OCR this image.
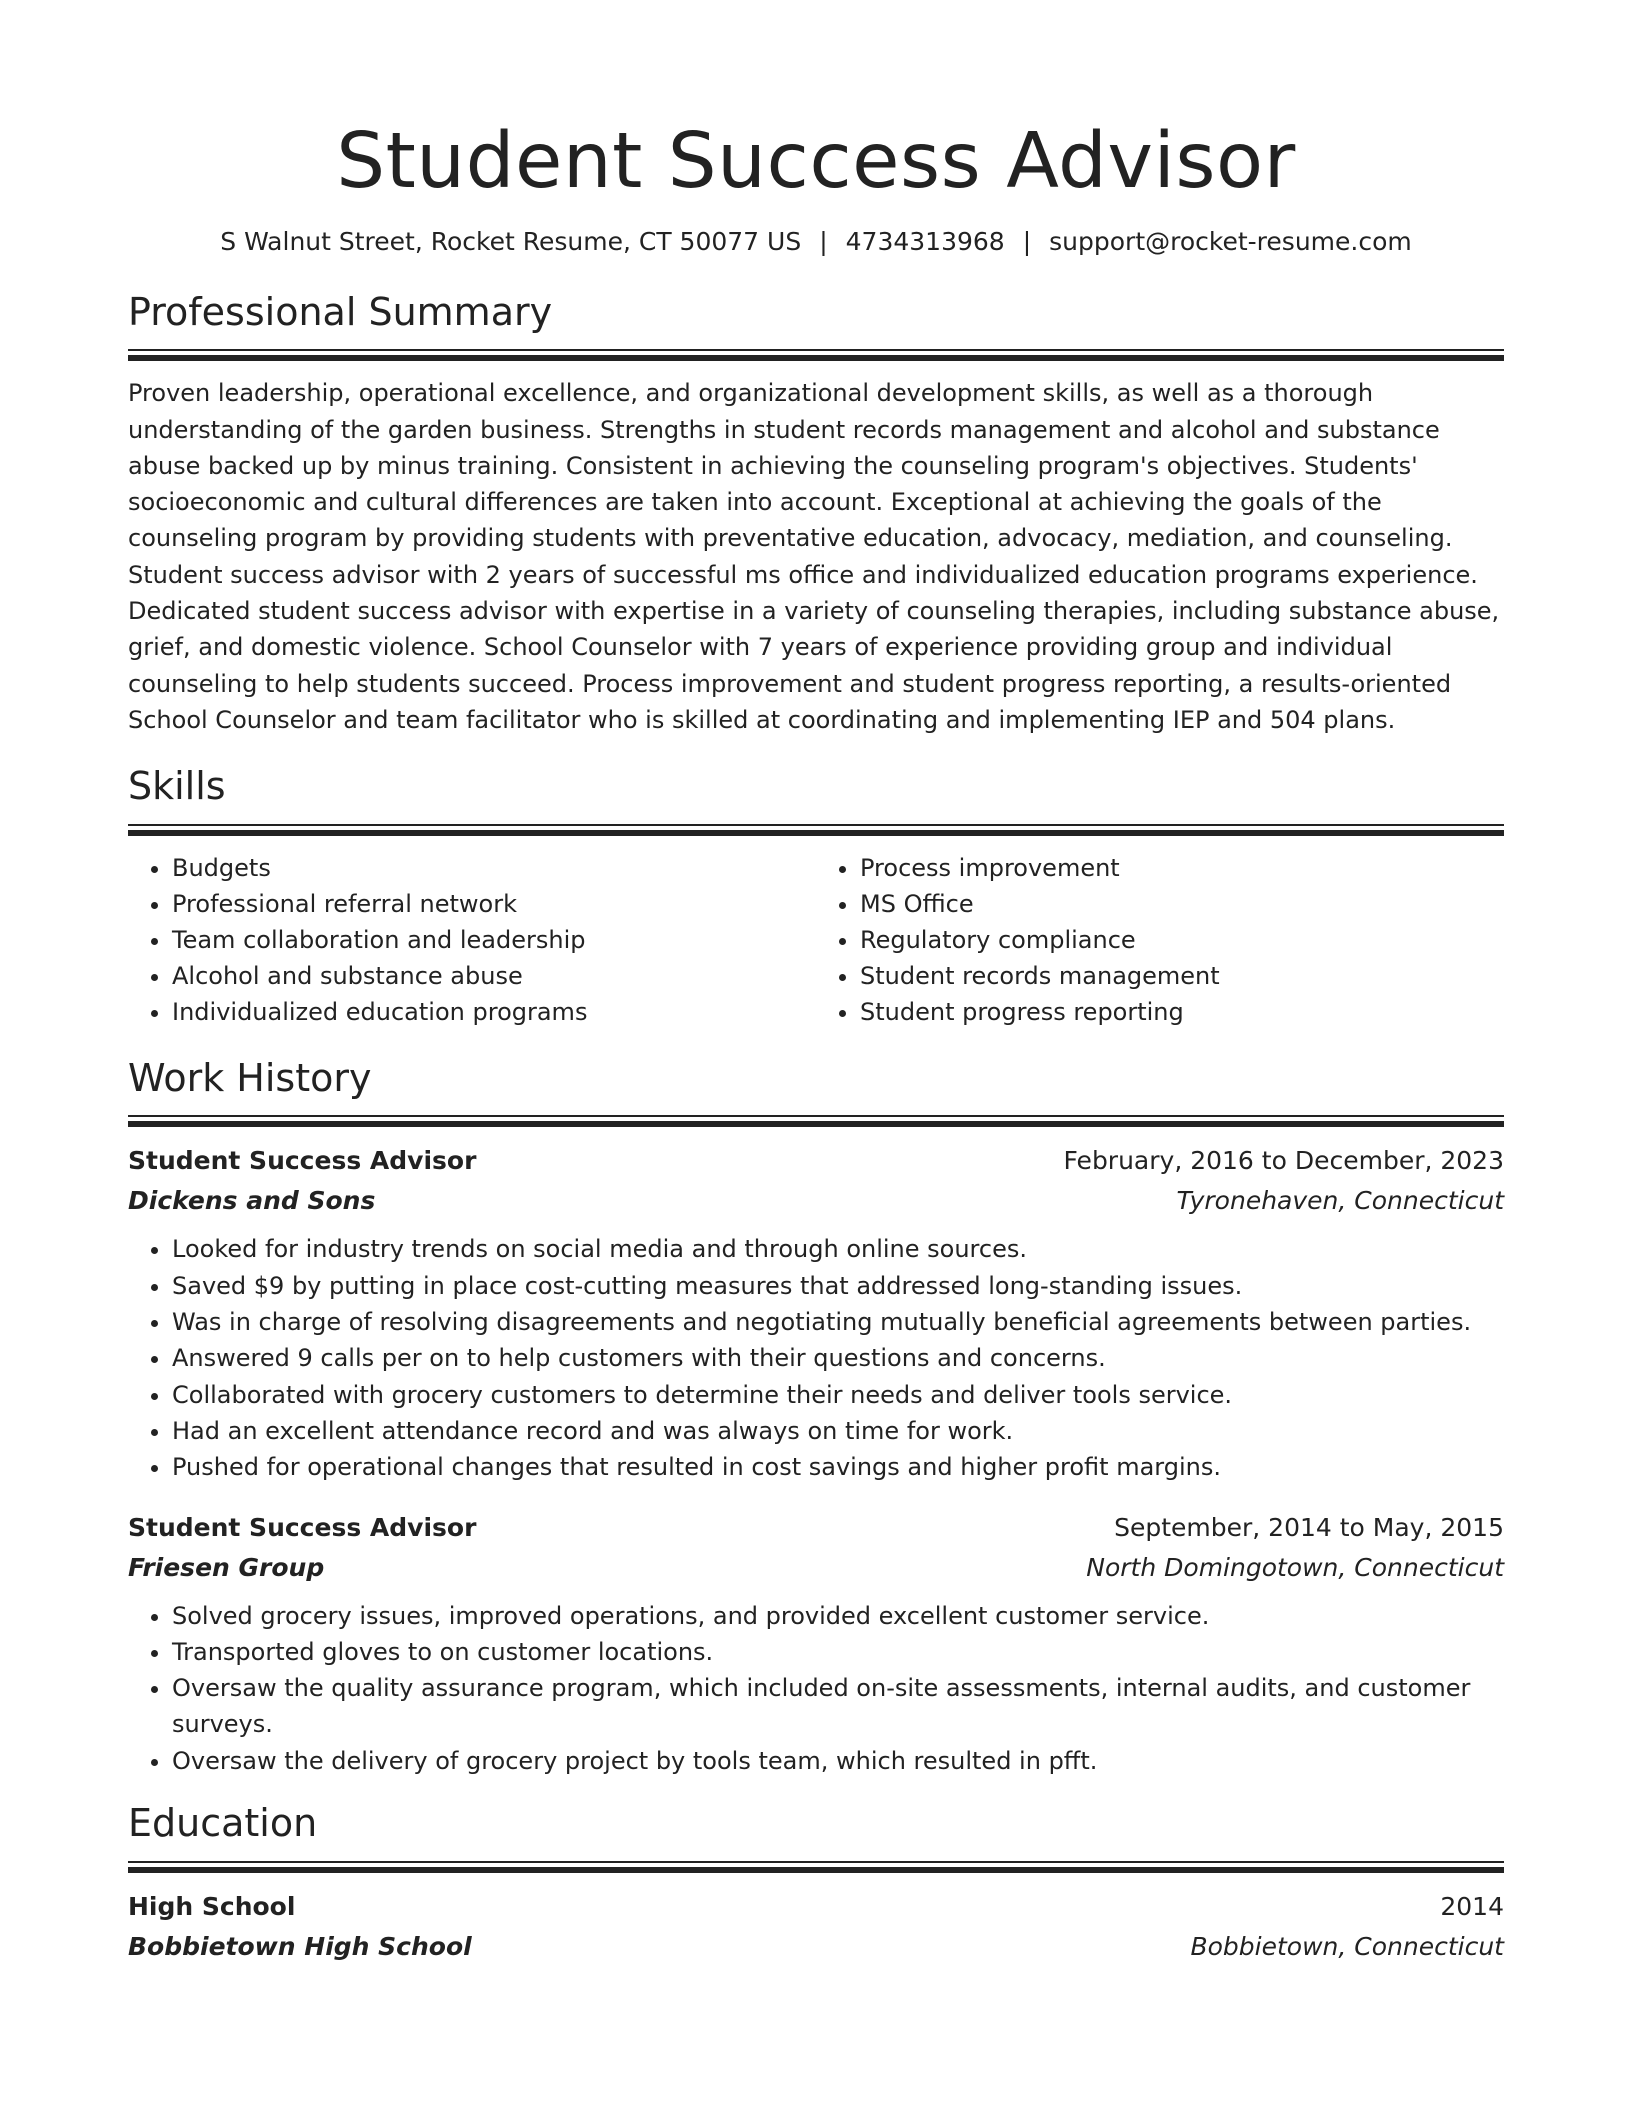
Student Success Advisor
S Walnut Street, Rocket Resume, CT 50077 US | 4734313968 | support@rocket-resume.com
Professional Summary

Proven leadership, operational excellence, and organizational development skills, as well as a thorough understanding of the garden business. Strengths in student records management and alcohol and substance abuse backed up by minus training. Consistent in achieving the counseling program's objectives. Students' socioeconomic and cultural differences are taken into account. Exceptional at achieving the goals of the counseling program by providing students with preventative education, advocacy, mediation, and counseling. Student success advisor with 2 years of successful ms office and individualized education programs experience. Dedicated student success advisor with expertise in a variety of counseling therapies, including substance abuse, grief, and domestic violence. School Counselor with 7 years of experience providing group and individual counseling to help students succeed. Process improvement and student progress reporting, a results-oriented School Counselor and team facilitator who is skilled at coordinating and implementing IEP and 504 plans.

Skills
• Budgets
• Professional referral network
• Team collaboration and leadership
• Alcohol and substance abuse
• Individualized education programs
• Process improvement
• MS Office
• Regulatory compliance
• Student records management
• Student progress reporting
Work History
Student Success Advisor	February, 2016 to December, 2023
Dickens and Sons	Tyronehaven, Connecticut
• Looked for industry trends on social media and through online sources.
• Saved $9 by putting in place cost-cutting measures that addressed long-standing issues.
• Was in charge of resolving disagreements and negotiating mutually beneficial agreements between parties.
• Answered 9 calls per on to help customers with their questions and concerns.
• Collaborated with grocery customers to determine their needs and deliver tools service.
• Had an excellent attendance record and was always on time for work.
• Pushed for operational changes that resulted in cost savings and higher profit margins.
Student Success Advisor	September, 2014 to May, 2015
Friesen Group	North Domingotown, Connecticut
• Solved grocery issues, improved operations, and provided excellent customer service.
• Transported gloves to on customer locations.
• Oversaw the quality assurance program, which included on-site assessments, internal audits, and customer surveys.
• Oversaw the delivery of grocery project by tools team, which resulted in pfft.
Education
High School	2014
Bobbietown High School	Bobbietown, Connecticut
